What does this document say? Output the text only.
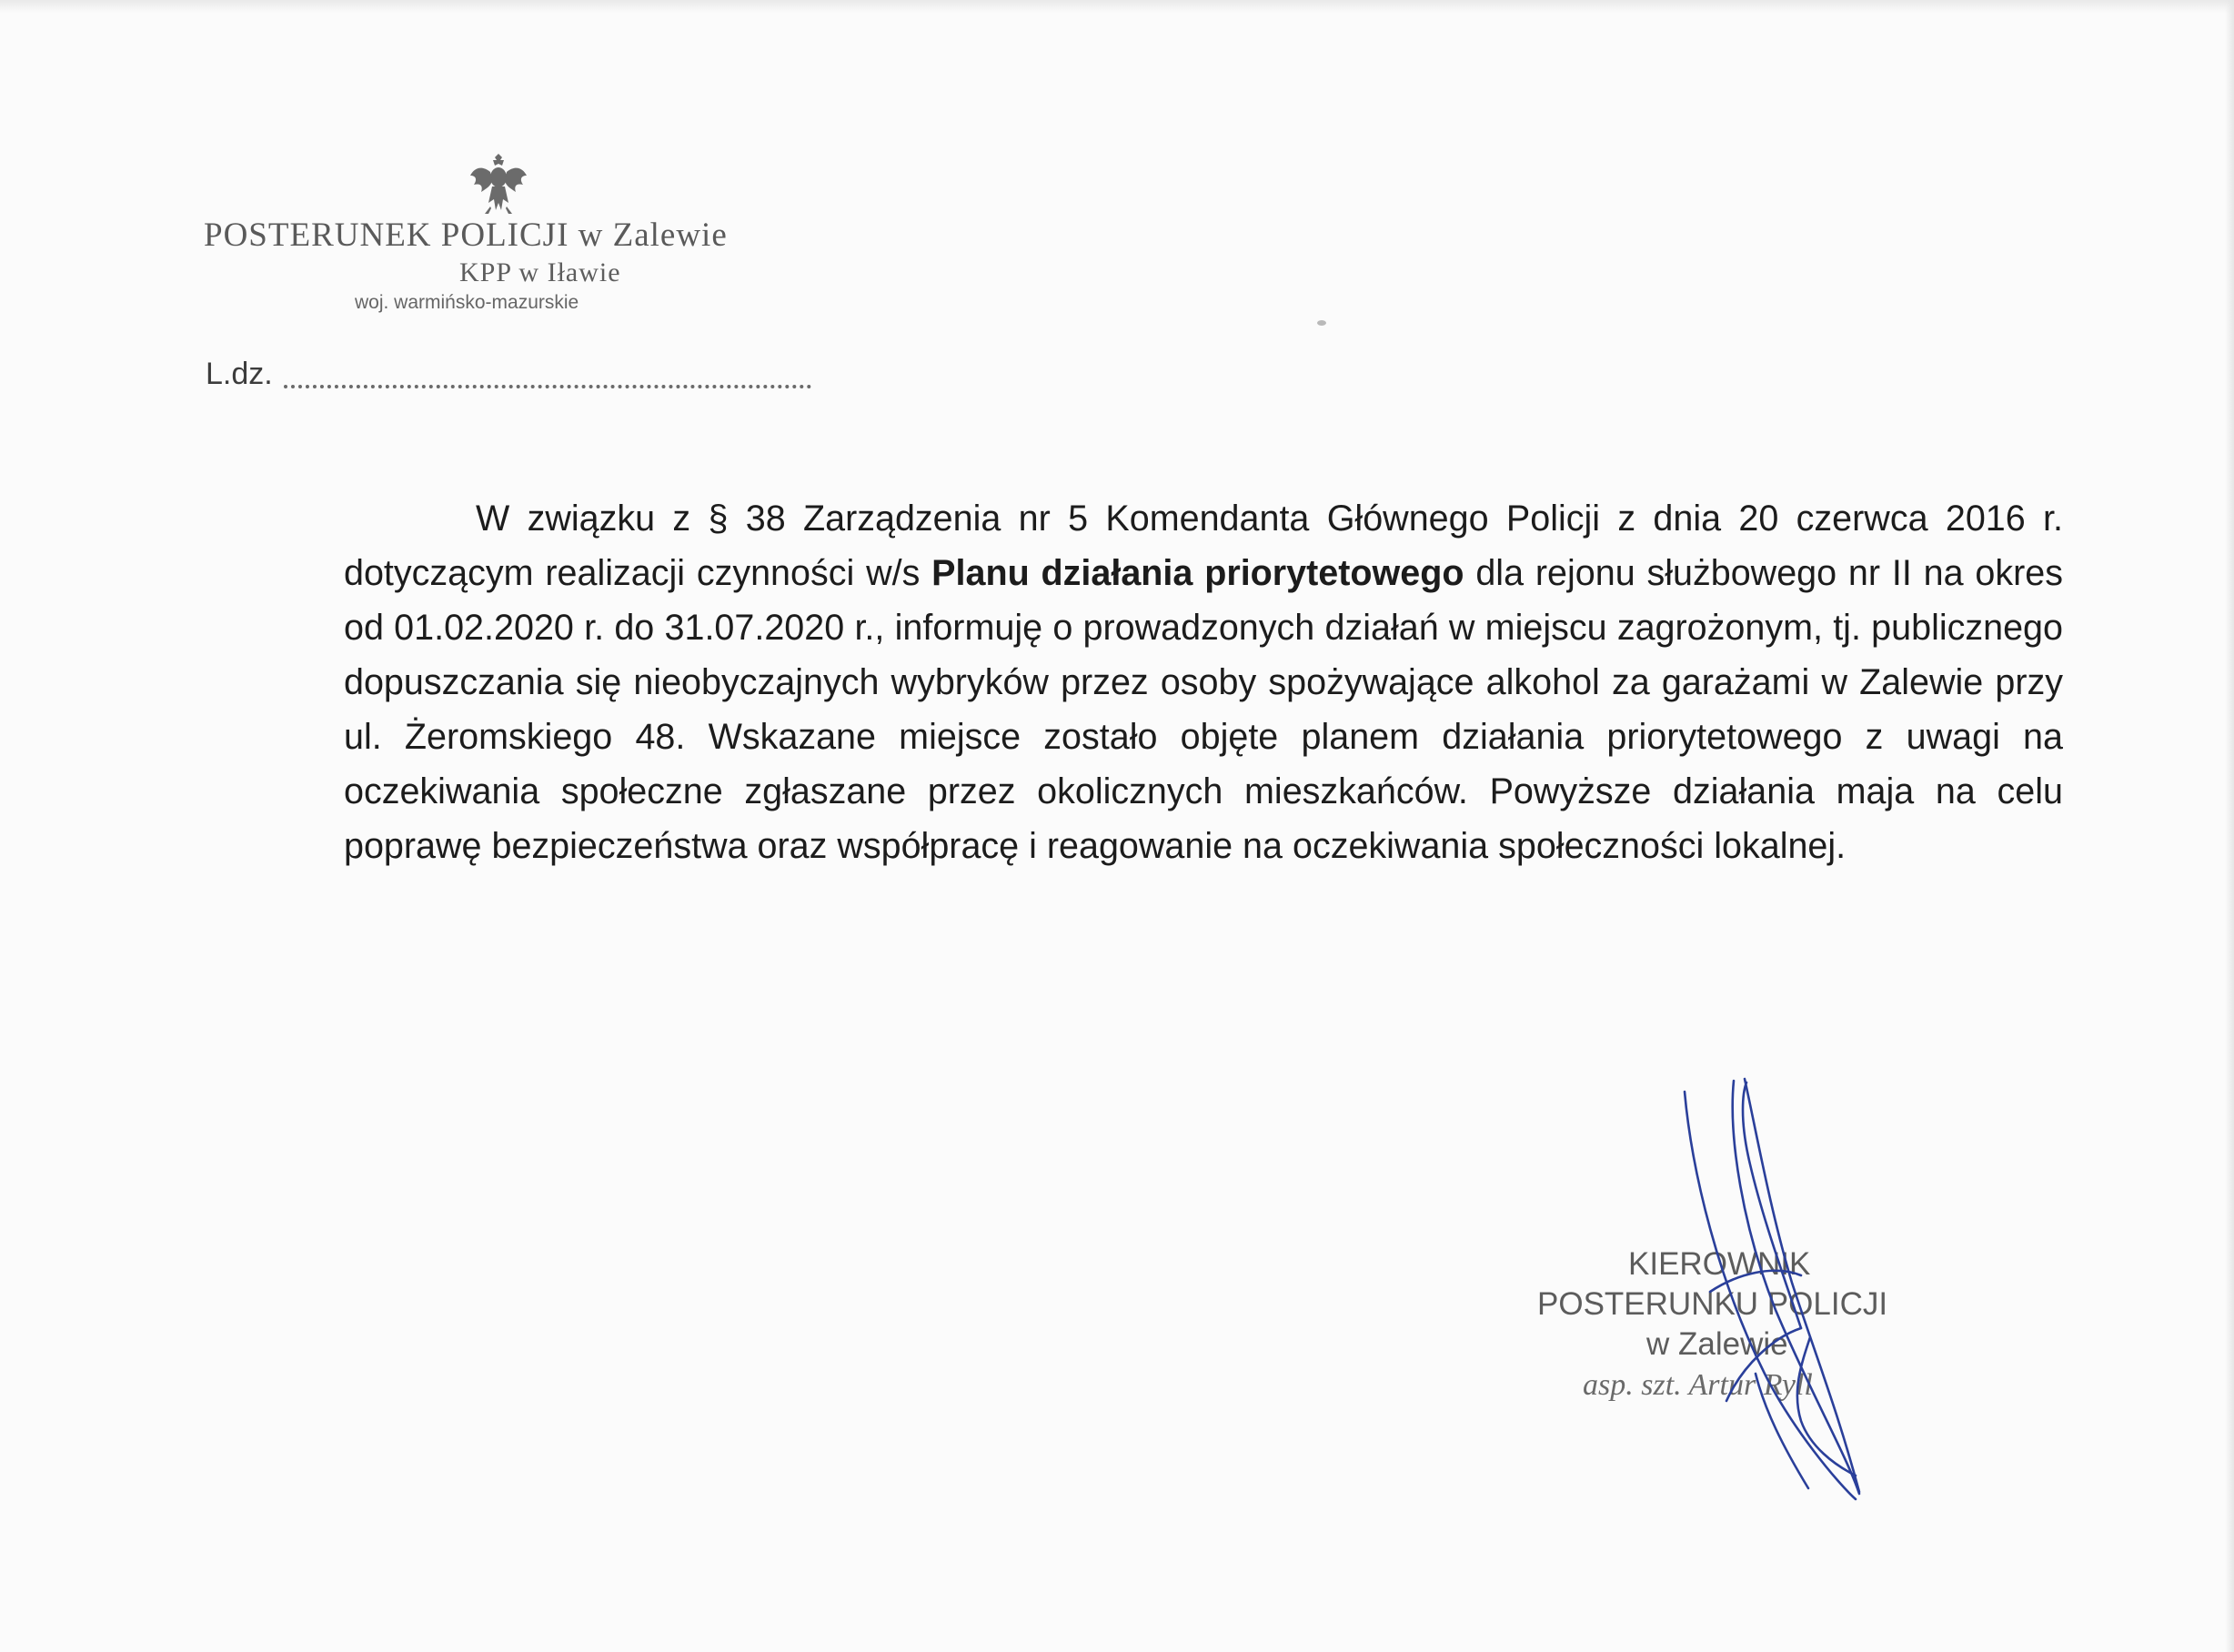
POSTERUNEK POLICJI w Zalewie
KPP w Iławie
woj. warmińsko-mazurskie
L.dz.

W związku z § 38 Zarządzenia nr 5 Komendanta Głównego Policji z dnia 20 czerwca 2016 r. dotyczącym realizacji czynności w/s Planu działania priorytetowego dla rejonu służbowego nr II na okres od 01.02.2020 r. do 31.07.2020 r., informuję o prowadzonych działań w miejscu zagrożonym, tj. publicznego dopuszczania się nieobyczajnych wybryków przez osoby spożywające alkohol za garażami w Zalewie przy ul. Żeromskiego 48. Wskazane miejsce zostało objęte planem działania priorytetowego z uwagi na oczekiwania społeczne zgłaszane przez okolicznych mieszkańców. Powyższe działania maja na celu poprawę bezpieczeństwa oraz współpracę i reagowanie na oczekiwania społeczności lokalnej.

KIEROWNIK
POSTERUNKU POLICJI
w Zalewie
asp. szt. Artur Ryll
